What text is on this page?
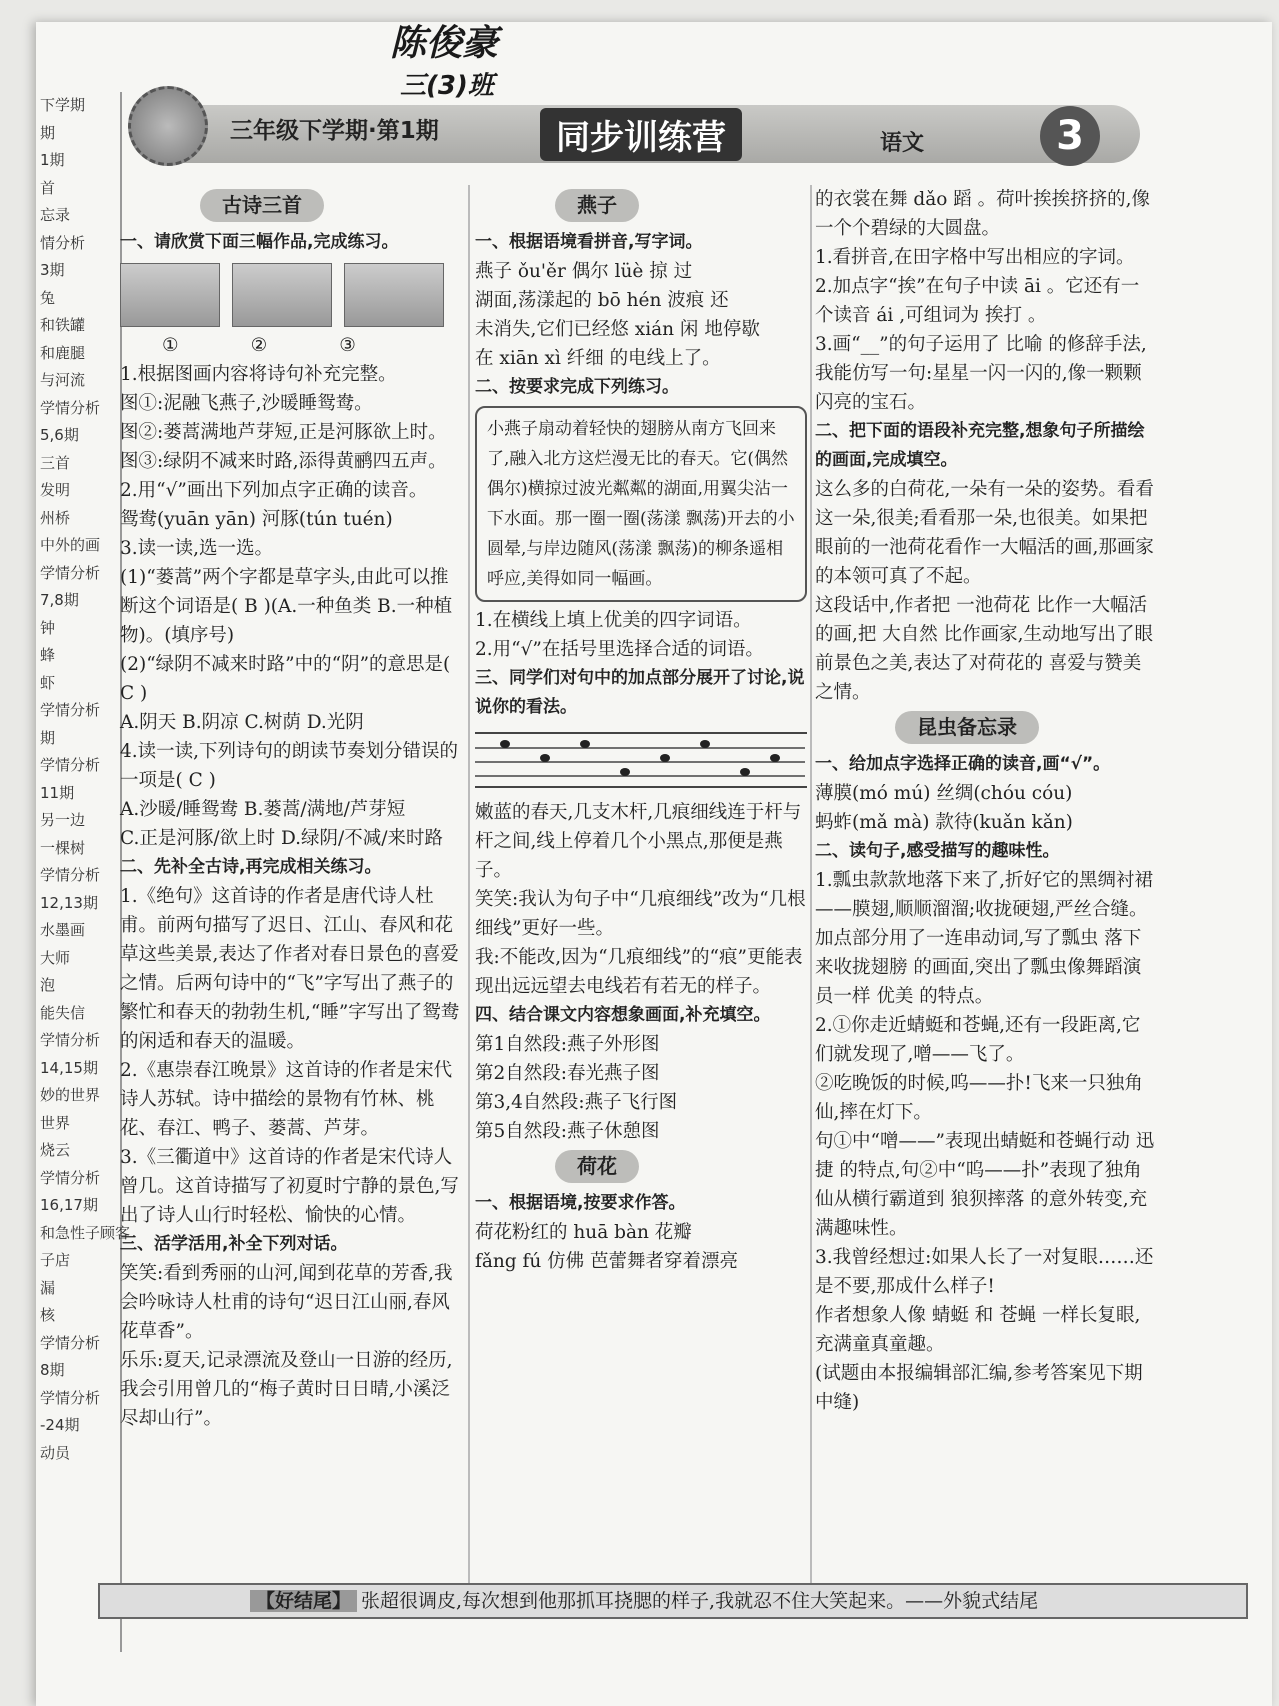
下学期
期
1期
首
忘录
情分析
3期
兔
和铁罐
和鹿腿
与河流
学情分析
5,6期
三首
发明
州桥
中外的画
学情分析
7,8期
钟
蜂
虾
学情分析
期
学情分析
11期
另一边
一棵树
学情分析
12,13期
水墨画
大师
泡
能失信
学情分析
14,15期
妙的世界
世界
烧云
学情分析
16,17期
和急性子顾客
子店
漏
核
学情分析
8期
学情分析
-24期
动员
陈俊豪
三(3)班
三年级下学期·第1期	同步训练营	语文	3
古诗三首
一、请欣赏下面三幅作品,完成练习。
①	②	③
1.根据图画内容将诗句补充完整。
图①:泥融飞燕子,沙暖睡鸳鸯。
图②:蒌蒿满地芦芽短,正是河豚欲上时。
图③:绿阴不减来时路,添得黄鹂四五声。
2.用“√”画出下列加点字正确的读音。
鸳鸯(yuān yān) 河豚(tún tuén)
3.读一读,选一选。
(1)“蒌蒿”两个字都是草字头,由此可以推断这个词语是( B )(A.一种鱼类 B.一种植物)。(填序号)
(2)“绿阴不减来时路”中的“阴”的意思是( C )
A.阴天 B.阴凉 C.树荫 D.光阴
4.读一读,下列诗句的朗读节奏划分错误的一项是( C )
A.沙暖/睡鸳鸯 B.蒌蒿/满地/芦芽短
C.正是河豚/欲上时 D.绿阴/不减/来时路
二、先补全古诗,再完成相关练习。
1.《绝句》这首诗的作者是唐代诗人杜甫。前两句描写了迟日、江山、春风和花草这些美景,表达了作者对春日景色的喜爱之情。后两句诗中的“飞”字写出了燕子的繁忙和春天的勃勃生机,“睡”字写出了鸳鸯的闲适和春天的温暖。
2.《惠崇春江晚景》这首诗的作者是宋代诗人苏轼。诗中描绘的景物有竹林、桃花、春江、鸭子、蒌蒿、芦芽。
3.《三衢道中》这首诗的作者是宋代诗人曾几。这首诗描写了初夏时宁静的景色,写出了诗人山行时轻松、愉快的心情。
三、活学活用,补全下列对话。
笑笑:看到秀丽的山河,闻到花草的芳香,我会吟咏诗人杜甫的诗句“迟日江山丽,春风花草香”。
乐乐:夏天,记录漂流及登山一日游的经历,我会引用曾几的“梅子黄时日日晴,小溪泛尽却山行”。
燕子
一、根据语境看拼音,写字词。
燕子 ǒu'ěr 偶尔 lüè 掠 过
湖面,荡漾起的 bō hén 波痕 还
未消失,它们已经悠 xián 闲 地停歇
在 xiān xì 纤细 的电线上了。
二、按要求完成下列练习。
小燕子扇动着轻快的翅膀从南方飞回来了,融入北方这烂漫无比的春天。它(偶然 偶尔)横掠过波光粼粼的湖面,用翼尖沾一下水面。那一圈一圈(荡漾 飘荡)开去的小圆晕,与岸边随风(荡漾 飘荡)的柳条遥相呼应,美得如同一幅画。
1.在横线上填上优美的四字词语。
2.用“√”在括号里选择合适的词语。
三、同学们对句中的加点部分展开了讨论,说说你的看法。
嫩蓝的春天,几支木杆,几痕细线连于杆与杆之间,线上停着几个小黑点,那便是燕子。
笑笑:我认为句子中“几痕细线”改为“几根细线”更好一些。
我:不能改,因为“几痕细线”的“痕”更能表现出远远望去电线若有若无的样子。
四、结合课文内容想象画面,补充填空。
第1自然段:燕子外形图
第2自然段:春光燕子图
第3,4自然段:燕子飞行图
第5自然段:燕子休憩图
荷花
一、根据语境,按要求作答。
荷花粉红的 huā bàn 花瓣
fǎng fú 仿佛 芭蕾舞者穿着漂亮
的衣裳在舞 dǎo 蹈 。荷叶挨挨挤挤的,像一个个碧绿的大圆盘。
1.看拼音,在田字格中写出相应的字词。
2.加点字“挨”在句子中读 āi 。它还有一个读音 ái ,可组词为 挨打 。
3.画“__”的句子运用了 比喻 的修辞手法,我能仿写一句:星星一闪一闪的,像一颗颗闪亮的宝石。
二、把下面的语段补充完整,想象句子所描绘的画面,完成填空。
这么多的白荷花,一朵有一朵的姿势。看看这一朵,很美;看看那一朵,也很美。如果把眼前的一池荷花看作一大幅活的画,那画家的本领可真了不起。
这段话中,作者把 一池荷花 比作一大幅活的画,把 大自然 比作画家,生动地写出了眼前景色之美,表达了对荷花的 喜爱与赞美 之情。
昆虫备忘录
一、给加点字选择正确的读音,画“√”。
薄膜(mó mú) 丝绸(chóu cóu)
蚂蚱(mǎ mà) 款待(kuǎn kǎn)
二、读句子,感受描写的趣味性。
1.瓢虫款款地落下来了,折好它的黑绸衬裙——膜翅,顺顺溜溜;收拢硬翅,严丝合缝。
加点部分用了一连串动词,写了瓢虫 落下来收拢翅膀 的画面,突出了瓢虫像舞蹈演员一样 优美 的特点。
2.①你走近蜻蜓和苍蝇,还有一段距离,它们就发现了,噌——飞了。
②吃晚饭的时候,呜——扑!飞来一只独角仙,摔在灯下。
句①中“噌——”表现出蜻蜓和苍蝇行动 迅捷 的特点,句②中“呜——扑”表现了独角仙从横行霸道到 狼狈摔落 的意外转变,充满趣味性。
3.我曾经想过:如果人长了一对复眼……还是不要,那成什么样子!
作者想象人像 蜻蜓 和 苍蝇 一样长复眼,充满童真童趣。
(试题由本报编辑部汇编,参考答案见下期中缝)
【好结尾】 张超很调皮,每次想到他那抓耳挠腮的样子,我就忍不住大笑起来。——外貌式结尾
